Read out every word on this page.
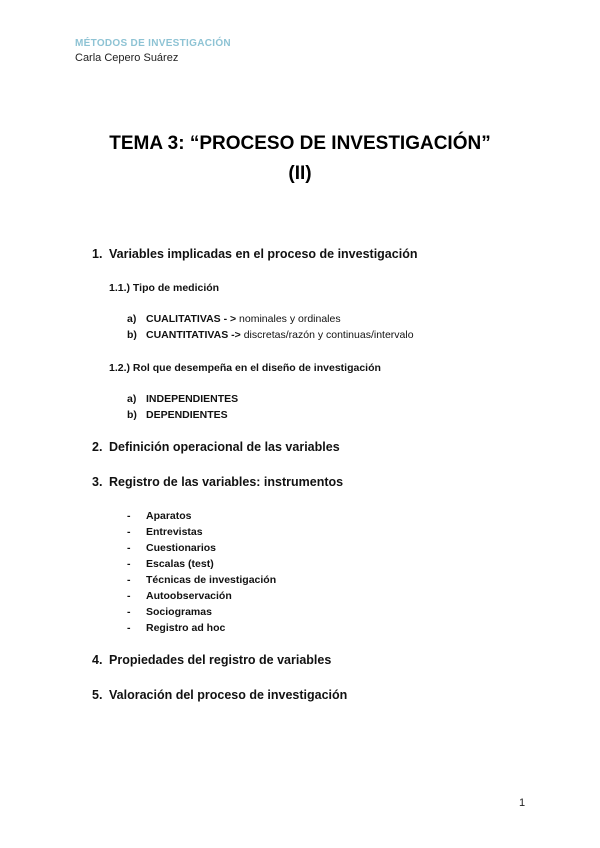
MÉTODOS DE INVESTIGACIÓN
Carla Cepero Suárez
TEMA 3: “PROCESO DE INVESTIGACIÓN”
(II)
1. Variables implicadas en el proceso de investigación
1.1.) Tipo de medición
a) CUALITATIVAS - > nominales y ordinales
b) CUANTITATIVAS -> discretas/razón y continuas/intervalo
1.2.) Rol que desempeña en el diseño de investigación
a) INDEPENDIENTES
b) DEPENDIENTES
2. Definición operacional de las variables
3. Registro de las variables: instrumentos
- Aparatos
- Entrevistas
- Cuestionarios
- Escalas (test)
- Técnicas de investigación
- Autoobservación
- Sociogramas
- Registro ad hoc
4. Propiedades del registro de variables
5. Valoración del proceso de investigación
1
